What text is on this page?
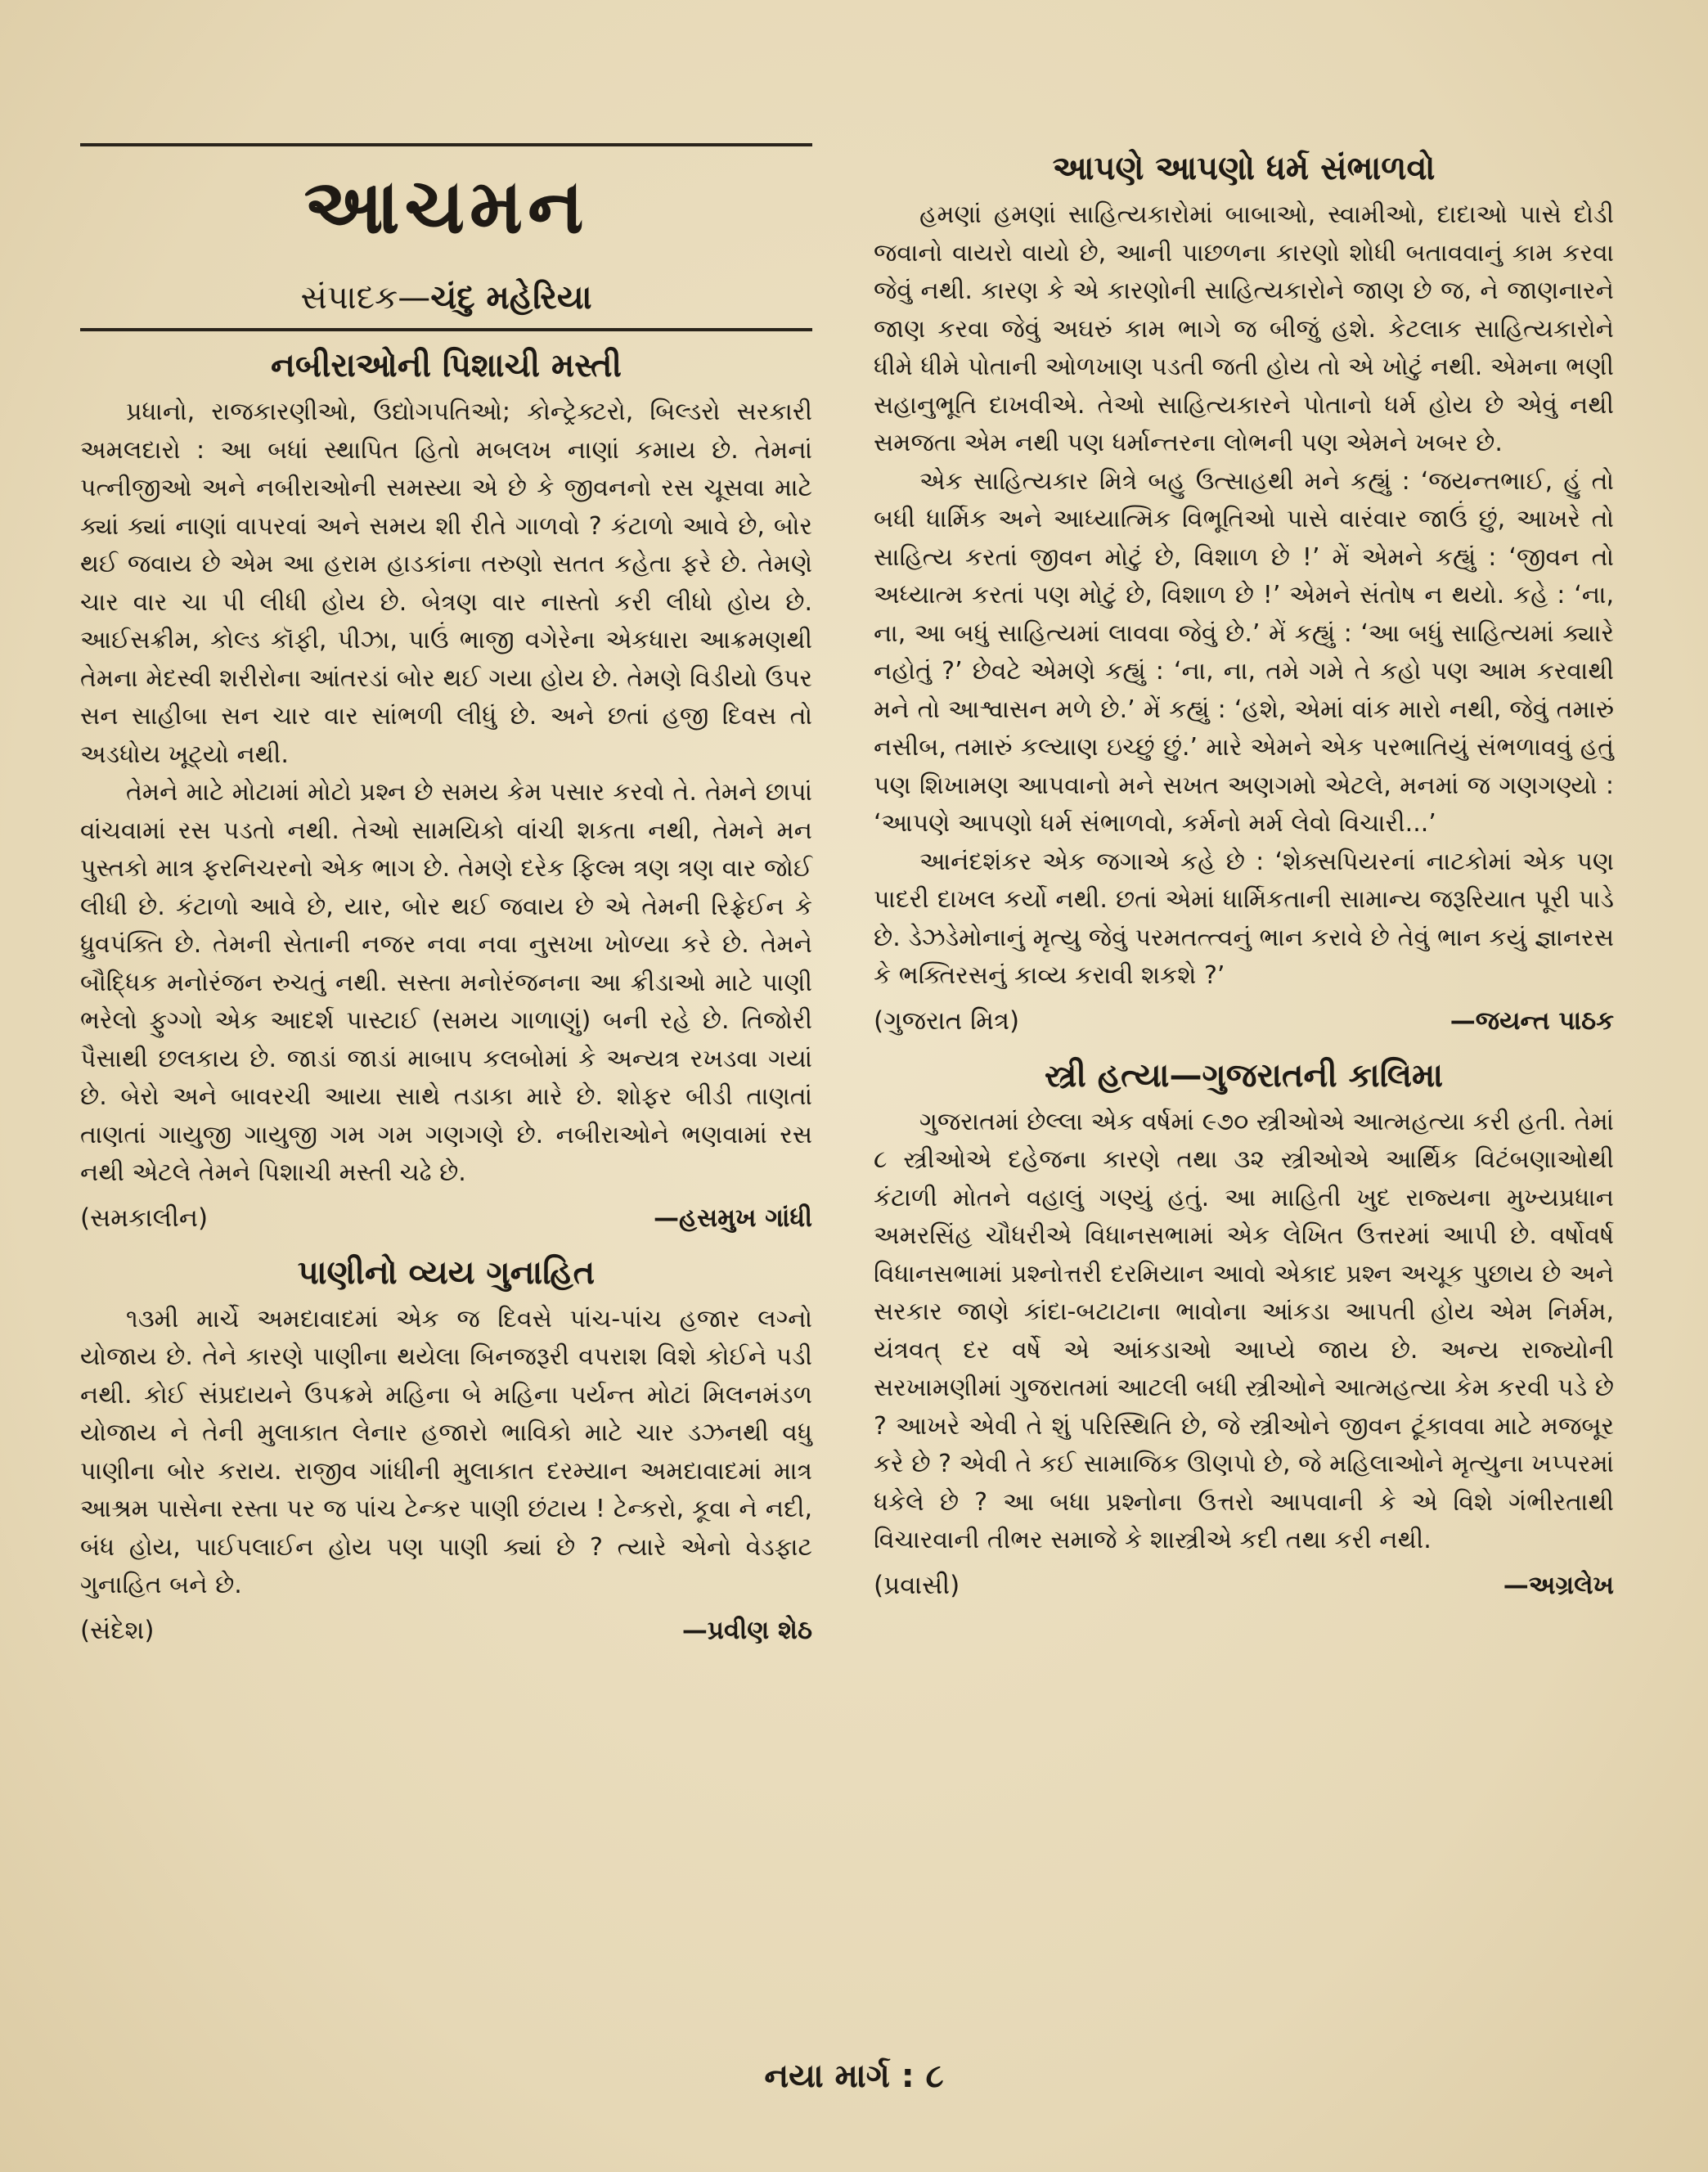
આચમન
સંપાદક—ચંદુ મહેરિયા
નબીરાઓની પિશાચી મસ્તી

પ્રધાનો, રાજકારણીઓ, ઉદ્યોગપતિઓ; કોન્ટ્રેક્ટરો, બિલ્ડરો સરકારી અમલદારો : આ બધાં સ્થાપિત હિતો મબલખ નાણાં કમાય છે. તેમનાં પત્નીજીઓ અને નબીરાઓની સમસ્યા એ છે કે જીવનનો રસ ચૂસવા માટે ક્યાં ક્યાં નાણાં વાપરવાં અને સમય શી રીતે ગાળવો ? કંટાળો આવે છે, બોર થઈ જવાય છે એમ આ હરામ હાડકાંના તરુણો સતત કહેતા ફરે છે. તેમણે ચાર વાર ચા પી લીધી હોય છે. બેત્રણ વાર નાસ્તો કરી લીધો હોય છે. આઈસક્રીમ, કોલ્ડ કૉફી, પીઝા, પાઉં ભાજી વગેરેના એકધારા આક્રમણથી તેમના મેદસ્વી શરીરોના આંતરડાં બોર થઈ ગયા હોય છે. તેમણે વિડીયો ઉપર સન સાહીબા સન ચાર વાર સાંભળી લીધું છે. અને છતાં હજી દિવસ તો અડધોય ખૂટ્યો નથી.

તેમને માટે મોટામાં મોટો પ્રશ્ન છે સમય કેમ પસાર કરવો તે. તેમને છાપાં વાંચવામાં રસ પડતો નથી. તેઓ સામયિકો વાંચી શકતા નથી, તેમને મન પુસ્તકો માત્ર ફરનિચરનો એક ભાગ છે. તેમણે દરેક ફિલ્મ ત્રણ ત્રણ વાર જોઈ લીધી છે. કંટાળો આવે છે, યાર, બોર થઈ જવાય છે એ તેમની રિફ્રેઈન કે ધ્રુવપંક્તિ છે. તેમની સેતાની નજર નવા નવા નુસખા ખોળ્યા કરે છે. તેમને બૌદ્ધિક મનોરંજન રુચતું નથી. સસ્તા મનોરંજનના આ ક્રીડાઓ માટે પાણી ભરેલો ફુગ્ગો એક આદર્શ પાસ્ટાઈ (સમય ગાળાણું) બની રહે છે. તિજોરી પૈસાથી છલકાય છે. જાડાં જાડાં માબાપ કલબોમાં કે અન્યત્ર રખડવા ગયાં છે. બેરો અને બાવરચી આયા સાથે તડાકા મારે છે. શોફર બીડી તાણતાં તાણતાં ગાયુજી ગાયુજી ગમ ગમ ગણગણે છે. નબીરાઓને ભણવામાં રસ નથી એટલે તેમને પિશાચી મસ્તી ચઢે છે.

(સમકાલીન)	—હસમુખ ગાંધી
પાણીનો વ્યય ગુનાહિત

૧૩મી માર્ચે અમદાવાદમાં એક જ દિવસે પાંચ-પાંચ હજાર લગ્નો યોજાય છે. તેને કારણે પાણીના થયેલા બિનજરૂરી વપરાશ વિશે કોઈને પડી નથી. કોઈ સંપ્રદાયને ઉપક્રમે મહિના બે મહિના પર્યન્ત મોટાં મિલનમંડળ યોજાય ને તેની મુલાકાત લેનાર હજારો ભાવિકો માટે ચાર ડઝનથી વધુ પાણીના બોર કરાય. રાજીવ ગાંધીની મુલાકાત દરમ્યાન અમદાવાદમાં માત્ર આશ્રમ પાસેના રસ્તા પર જ પાંચ ટેન્કર પાણી છંટાય ! ટેન્કરો, કૂવા ને નદી, બંધ હોય, પાઈપલાઈન હોય પણ પાણી ક્યાં છે ? ત્યારે એનો વેડફાટ ગુનાહિત બને છે.

(સંદેશ)	—પ્રવીણ શેઠ
આપણે આપણો ધર્મ સંભાળવો

હમણાં હમણાં સાહિત્યકારોમાં બાબાઓ, સ્વામીઓ, દાદાઓ પાસે દોડી જવાનો વાયરો વાયો છે, આની પાછળના કારણો શોધી બતાવવાનું કામ કરવા જેવું નથી. કારણ કે એ કારણોની સાહિત્યકારોને જાણ છે જ, ને જાણનારને જાણ કરવા જેવું અઘરું કામ ભાગે જ બીજું હશે. કેટલાક સાહિત્યકારોને ધીમે ધીમે પોતાની ઓળખાણ પડતી જતી હોય તો એ ખોટું નથી. એમના ભણી સહાનુભૂતિ દાખવીએ. તેઓ સાહિત્યકારને પોતાનો ધર્મ હોય છે એવું નથી સમજતા એમ નથી પણ ધર્માન્તરના લોભની પણ એમને ખબર છે.

એક સાહિત્યકાર મિત્રે બહુ ઉત્સાહથી મને કહ્યું : ‘જયન્તભાઈ, હું તો બધી ધાર્મિક અને આધ્યાત્મિક વિભૂતિઓ પાસે વારંવાર જાઉં છું, આખરે તો સાહિત્ય કરતાં જીવન મોટું છે, વિશાળ છે !’ મેં એમને કહ્યું : ‘જીવન તો અધ્યાત્મ કરતાં પણ મોટું છે, વિશાળ છે !’ એમને સંતોષ ન થયો. કહે : ‘ના, ના, આ બધું સાહિત્યમાં લાવવા જેવું છે.’ મેં કહ્યું : ‘આ બધું સાહિત્યમાં ક્યારે નહોતું ?’ છેવટે એમણે કહ્યું : ‘ના, ના, તમે ગમે તે કહો પણ આમ કરવાથી મને તો આશ્વાસન મળે છે.’ મેં કહ્યું : ‘હશે, એમાં વાંક મારો નથી, જેવું તમારું નસીબ, તમારું કલ્યાણ ઇચ્છું છું.’ મારે એમને એક પરભાતિયું સંભળાવવું હતું પણ શિખામણ આપવાનો મને સખત અણગમો એટલે, મનમાં જ ગણગણ્યો : ‘આપણે આપણો ધર્મ સંભાળવો, કર્મનો મર્મ લેવો વિચારી...’

આનંદશંકર એક જગાએ કહે છે : ‘શેક્સપિયરનાં નાટકોમાં એક પણ પાદરી દાખલ કર્યો નથી. છતાં એમાં ધાર્મિકતાની સામાન્ય જરૂરિયાત પૂરી પાડે છે. ડેઝડેમોનાનું મૃત્યુ જેવું પરમતત્ત્વનું ભાન કરાવે છે તેવું ભાન કયું જ્ઞાનરસ કે ભક્તિરસનું કાવ્ય કરાવી શકશે ?’

(ગુજરાત મિત્ર)	—જયન્ત પાઠક
સ્ત્રી હત્યા—ગુજરાતની કાલિમા

ગુજરાતમાં છેલ્લા એક વર્ષમાં ૯૭૦ સ્ત્રીઓએ આત્મહત્યા કરી હતી. તેમાં ૮ સ્ત્રીઓએ દહેજના કારણે તથા ૩૨ સ્ત્રીઓએ આર્થિક વિટંબણાઓથી કંટાળી મોતને વહાલું ગણ્યું હતું. આ માહિતી ખુદ રાજ્યના મુખ્યપ્રધાન અમરસિંહ ચૌધરીએ વિધાનસભામાં એક લેખિત ઉત્તરમાં આપી છે. વર્ષોવર્ષ વિધાનસભામાં પ્રશ્નોત્તરી દરમિયાન આવો એકાદ પ્રશ્ન અચૂક પુછાય છે અને સરકાર જાણે કાંદા-બટાટાના ભાવોના આંકડા આપતી હોય એમ નિર્મમ, યંત્રવત્ દર વર્ષે એ આંકડાઓ આપ્યે જાય છે. અન્ય રાજ્યોની સરખામણીમાં ગુજરાતમાં આટલી બધી સ્ત્રીઓને આત્મહત્યા કેમ કરવી પડે છે ? આખરે એવી તે શું પરિસ્થિતિ છે, જે સ્ત્રીઓને જીવન ટૂંકાવવા માટે મજબૂર કરે છે ? એવી તે કઈ સામાજિક ઊણપો છે, જે મહિલાઓને મૃત્યુના ખપ્પરમાં ધકેલે છે ? આ બધા પ્રશ્નોના ઉત્તરો આપવાની કે એ વિશે ગંભીરતાથી વિચારવાની તીભર સમાજે કે શાસ્ત્રીએ કદી તથા કરી નથી.

(પ્રવાસી)	—અગ્રલેખ
નયા માર્ગ : ૮
